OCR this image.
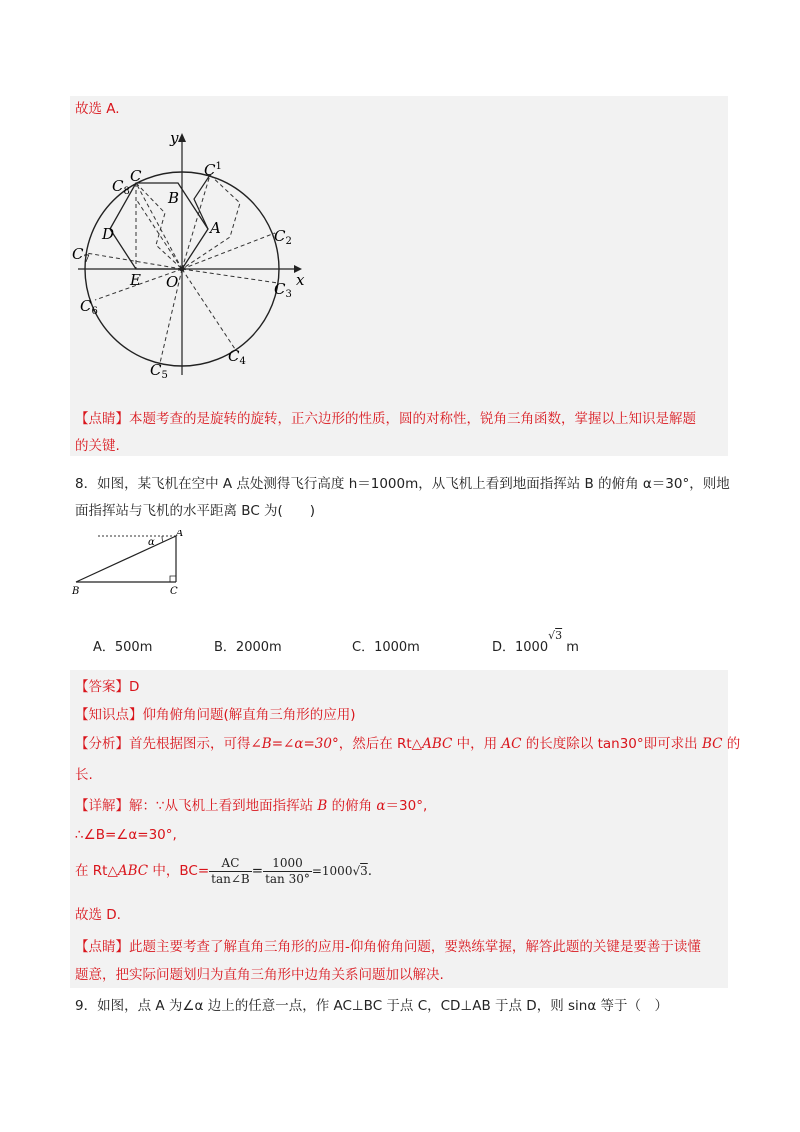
故选 A.
y
x
O
A
B
C
D
E
$C^1$
$C_2$
$C_3$
$C_4$
$C_5$
$C_6$
$C_7$
$C_8$
【点睛】本题考查的是旋转的旋转，正六边形的性质，圆的对称性，锐角三角函数，掌握以上知识是解题
的关键.
8．如图，某飞机在空中 A 点处测得飞行高度 h＝1000m，从飞机上看到地面指挥站 B 的俯角 α＝30°，则地
面指挥站与飞机的水平距离 BC 为(　　)
α
A
B	C
A．500m	B．2000m	C．1000m	D．$1000^{√3}$ m
【答案】D
【知识点】仰角俯角问题(解直角三角形的应用)
【分析】首先根据图示，可得∠B=∠α=30°，然后在 Rt△ABC 中，用 AC 的长度除以 tan30°即可求出 BC 的
长.
【详解】解：∵从飞机上看到地面指挥站 B 的俯角 α＝30°,
∴∠B=∠α=30°,
在 Rt△ABC 中，$BC= \frac{AC}{\tan\angle B} = \frac{1000}{\tan 30^\circ} =1000√3$.
故选 D.
【点睛】此题主要考查了解直角三角形的应用-仰角俯角问题，要熟练掌握，解答此题的关键是要善于读懂
题意，把实际问题划归为直角三角形中边角关系问题加以解决.
9．如图，点 A 为∠α 边上的任意一点，作 AC⊥BC 于点 C，CD⊥AB 于点 D，则 sinα 等于（　）
